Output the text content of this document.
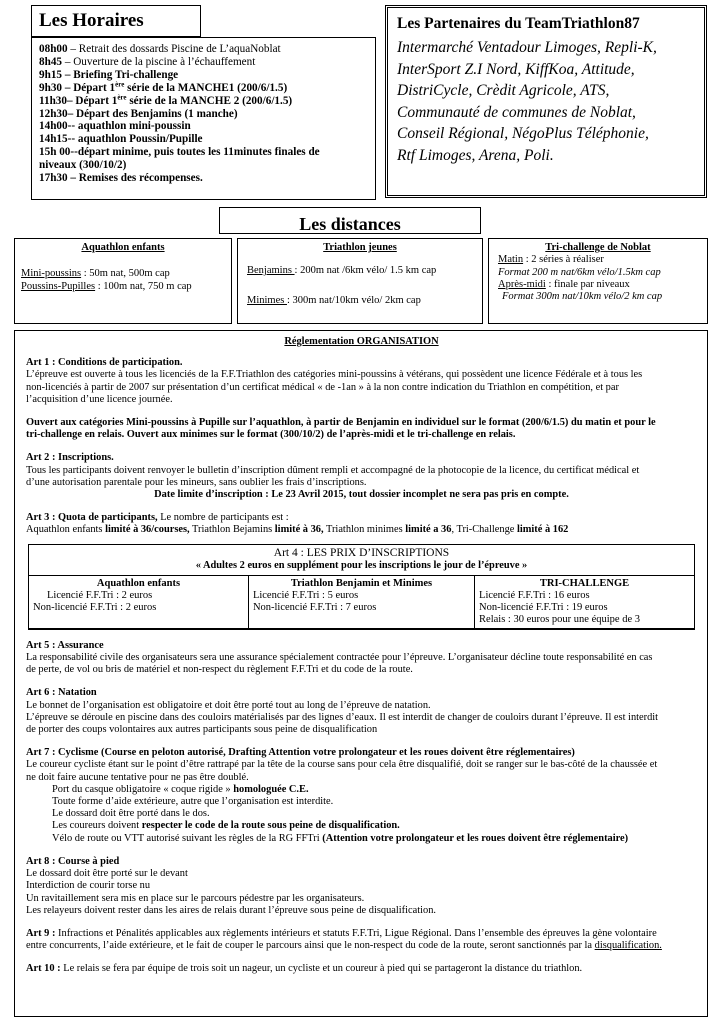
Les Horaires
08h00 – Retrait des dossards Piscine de L’aquaNoblat
8h45 – Ouverture de la piscine à l’échauffement
9h15 – Briefing Tri-challenge
9h30 – Départ 1ère série de la MANCHE1 (200/6/1.5)
11h30– Départ 1ère série de la MANCHE 2 (200/6/1.5)
12h30– Départ des Benjamins (1 manche)
14h00-- aquathlon mini-poussin
14h15-- aquathlon Poussin/Pupille
15h 00--départ minime, puis toutes les 11minutes finales de
niveaux (300/10/2)
17h30 – Remises des récompenses.
Les Partenaires du TeamTriathlon87
Intermarché Ventadour Limoges, Repli-K,
InterSport Z.I Nord, KiffKoa, Attitude,
DistriCycle, Crèdit Agricole, ATS,
Communauté de communes de Noblat,
Conseil Régional, NégoPlus Téléphonie,
Rtf Limoges, Arena, Poli.
Les distances
Aquathlon enfants
Mini-poussins : 50m nat, 500m cap
Poussins-Pupilles : 100m nat, 750 m cap
Triathlon jeunes
Benjamins : 200m nat /6km vélo/ 1.5 km cap
Minimes : 300m nat/10km vélo/ 2km cap
Tri-challenge de Noblat
Matin : 2 séries à réaliser
Format 200 m nat/6km vélo/1.5km cap
Après-midi : finale par niveaux
Format 300m nat/10km vélo/2 km cap
Réglementation ORGANISATION
Art 1 : Conditions de participation.
L’épreuve est ouverte à tous les licenciés de la F.F.Triathlon des catégories mini-poussins à vétérans, qui possèdent une licence Fédérale et à tous les
non-licenciés à partir de 2007 sur présentation d’un certificat médical « de -1an » à la non contre indication du Triathlon en compétition, et par
l’acquisition d’une licence journée.
Ouvert aux catégories Mini-poussins à Pupille sur l’aquathlon, à partir de Benjamin en individuel sur le format (200/6/1.5) du matin et pour le
tri-challenge en relais. Ouvert aux minimes sur le format (300/10/2) de l’après-midi et le tri-challenge en relais.
Art 2 : Inscriptions.
Tous les participants doivent renvoyer le bulletin d’inscription dûment rempli et accompagné de la photocopie de la licence, du certificat médical et
d’une autorisation parentale pour les mineurs, sans oublier les frais d’inscriptions.
Date limite d’inscription : Le 23 Avril 2015, tout dossier incomplet ne sera pas pris en compte.
Art 3 : Quota de participants, Le nombre de participants est :
Aquathlon enfants limité à 36/courses, Triathlon Bejamins limité à 36, Triathlon minimes limité a 36, Tri-Challenge limité à 162
Art 4 : LES PRIX D’INSCRIPTIONS
« Adultes 2 euros en supplément pour les inscriptions le jour de l’épreuve »
Aquathlon enfants
Licencié F.F.Tri : 2 euros
Non-licencié F.F.Tri : 2 euros

Triathlon Benjamin et Minimes
Licencié F.F.Tri : 5 euros
Non-licencié F.F.Tri : 7 euros

TRI-CHALLENGE
Licencié F.F.Tri : 16 euros
Non-licencié F.F.Tri : 19 euros
Relais : 30 euros pour une équipe de 3
Art 5 : Assurance
La responsabilité civile des organisateurs sera une assurance spécialement contractée pour l’épreuve. L’organisateur décline toute responsabilité en cas
de perte, de vol ou bris de matériel et non-respect du règlement F.F.Tri et du code de la route.
Art 6 : Natation
Le bonnet de l’organisation est obligatoire et doit être porté tout au long de l’épreuve de natation.
L’épreuve se déroule en piscine dans des couloirs matérialisés par des lignes d’eaux. Il est interdit de changer de couloirs durant l’épreuve. Il est interdit
de porter des coups volontaires aux autres participants sous peine de disqualification
Art 7 : Cyclisme (Course en peloton autorisé, Drafting Attention votre prolongateur et les roues doivent être réglementaires)
Le coureur cycliste étant sur le point d’être rattrapé par la tête de la course sans pour cela être disqualifié, doit se ranger sur le bas-côté de la chaussée et
ne doit faire aucune tentative pour ne pas être doublé.
Port du casque obligatoire « coque rigide » homologuée C.E.
Toute forme d’aide extérieure, autre que l’organisation est interdite.
Le dossard doit être porté dans le dos.
Les coureurs doivent respecter le code de la route sous peine de disqualification.
Vélo de route ou VTT autorisé suivant les règles de la RG FFTri (Attention votre prolongateur et les roues doivent être réglementaire)
Art 8 : Course à pied
Le dossard doit être porté sur le devant
Interdiction de courir torse nu
Un ravitaillement sera mis en place sur le parcours pédestre par les organisateurs.
Les relayeurs doivent rester dans les aires de relais durant l’épreuve sous peine de disqualification.
Art 9 : Infractions et Pénalités applicables aux règlements intérieurs et statuts F.F.Tri, Ligue Régional. Dans l’ensemble des épreuves la gène volontaire
entre concurrents, l’aide extérieure, et le fait de couper le parcours ainsi que le non-respect du code de la route, seront sanctionnés par la disqualification.
Art 10 : Le relais se fera par équipe de trois soit un nageur, un cycliste et un coureur à pied qui se partageront la distance du triathlon.
